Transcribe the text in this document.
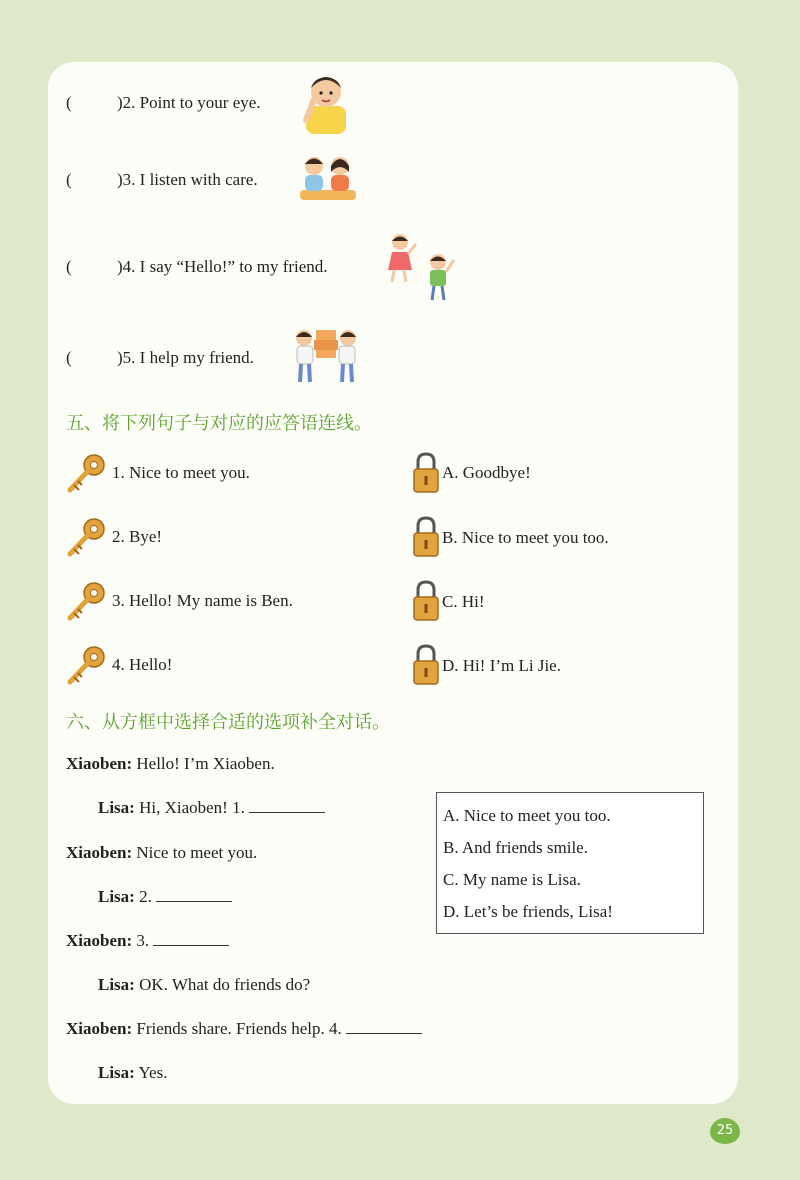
(	)2. Point to your eye.
(	)3. I listen with care.
(	)4. I say “Hello!” to my friend.
(	)5. I help my friend.
五、将下列句子与对应的应答语连线。
1. Nice to meet you.
2. Bye!
3. Hello! My name is Ben.
4. Hello!
A. Goodbye!
B. Nice to meet you too.
C. Hi!
D. Hi! I’m Li Jie.
六、从方框中选择合适的选项补全对话。
Xiaoben: Hello! I’m Xiaoben.
Lisa: Hi, Xiaoben! 1.
Xiaoben: Nice to meet you.
Lisa: 2.
Xiaoben: 3.
Lisa: OK. What do friends do?
Xiaoben: Friends share. Friends help. 4.
Lisa: Yes.
A. Nice to meet you too.
B. And friends smile.
C. My name is Lisa.
D. Let’s be friends, Lisa!
25
